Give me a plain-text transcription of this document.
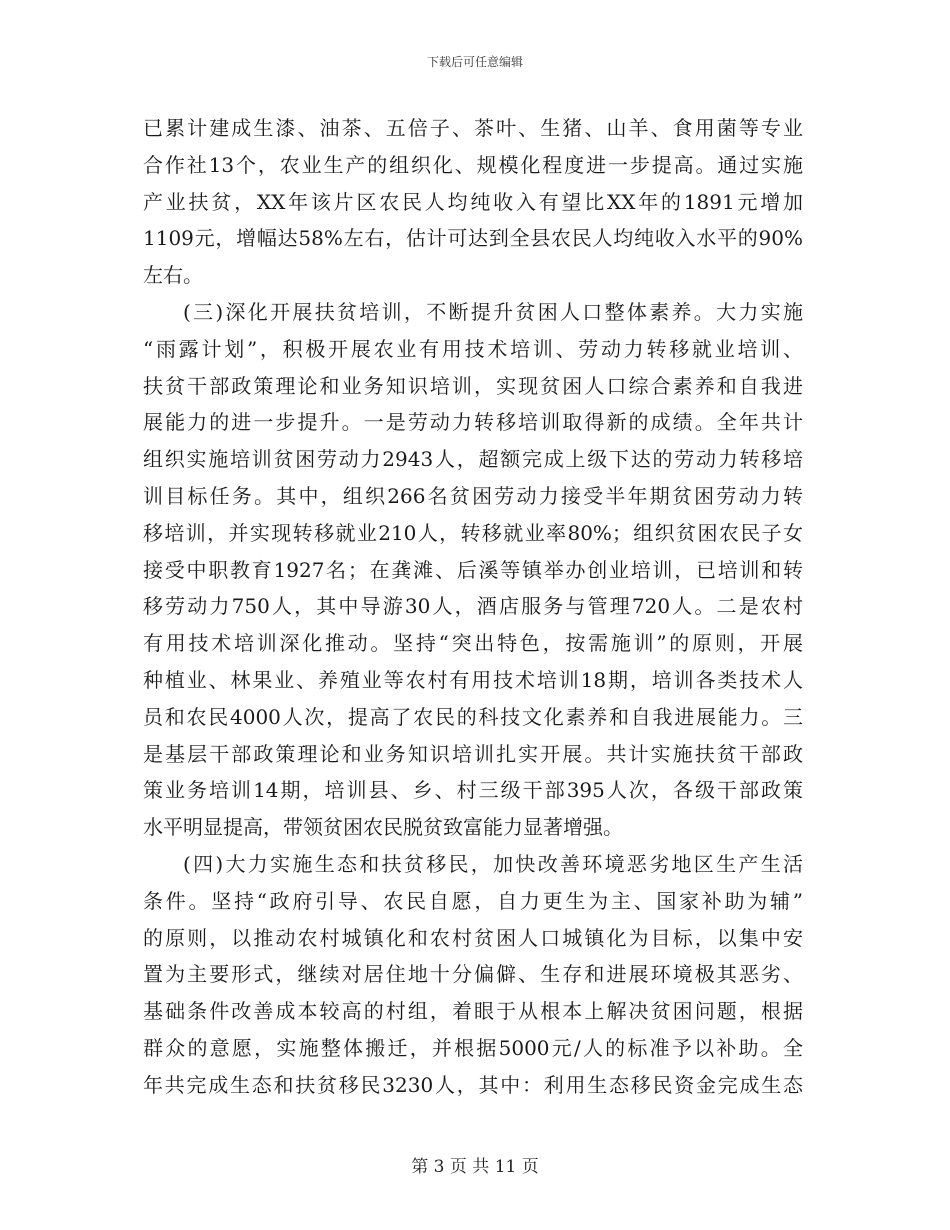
下载后可任意编辑
已累计建成生漆、油茶、五倍子、茶叶、生猪、山羊、食用菌等专业
合作社13个，农业生产的组织化、规模化程度进一步提高。通过实施
产业扶贫，XX年该片区农民人均纯收入有望比XX年的1891元增加
1109元，增幅达58%左右，估计可达到全县农民人均纯收入水平的90%
左右。
(三)深化开展扶贫培训，不断提升贫困人口整体素养。大力实施
“雨露计划”，积极开展农业有用技术培训、劳动力转移就业培训、
扶贫干部政策理论和业务知识培训，实现贫困人口综合素养和自我进
展能力的进一步提升。一是劳动力转移培训取得新的成绩。全年共计
组织实施培训贫困劳动力2943人，超额完成上级下达的劳动力转移培
训目标任务。其中，组织266名贫困劳动力接受半年期贫困劳动力转
移培训，并实现转移就业210人，转移就业率80%；组织贫困农民子女
接受中职教育1927名；在龚滩、后溪等镇举办创业培训，已培训和转
移劳动力750人，其中导游30人，酒店服务与管理720人。二是农村
有用技术培训深化推动。坚持“突出特色，按需施训”的原则，开展
种植业、林果业、养殖业等农村有用技术培训18期，培训各类技术人
员和农民4000人次，提高了农民的科技文化素养和自我进展能力。三
是基层干部政策理论和业务知识培训扎实开展。共计实施扶贫干部政
策业务培训14期，培训县、乡、村三级干部395人次，各级干部政策
水平明显提高，带领贫困农民脱贫致富能力显著增强。
(四)大力实施生态和扶贫移民，加快改善环境恶劣地区生产生活
条件。坚持“政府引导、农民自愿，自力更生为主、国家补助为辅”
的原则，以推动农村城镇化和农村贫困人口城镇化为目标，以集中安
置为主要形式，继续对居住地十分偏僻、生存和进展环境极其恶劣、
基础条件改善成本较高的村组，着眼于从根本上解决贫困问题，根据
群众的意愿，实施整体搬迁，并根据5000元/人的标准予以补助。全
年共完成生态和扶贫移民3230人，其中：利用生态移民资金完成生态
第 3 页 共 11 页
